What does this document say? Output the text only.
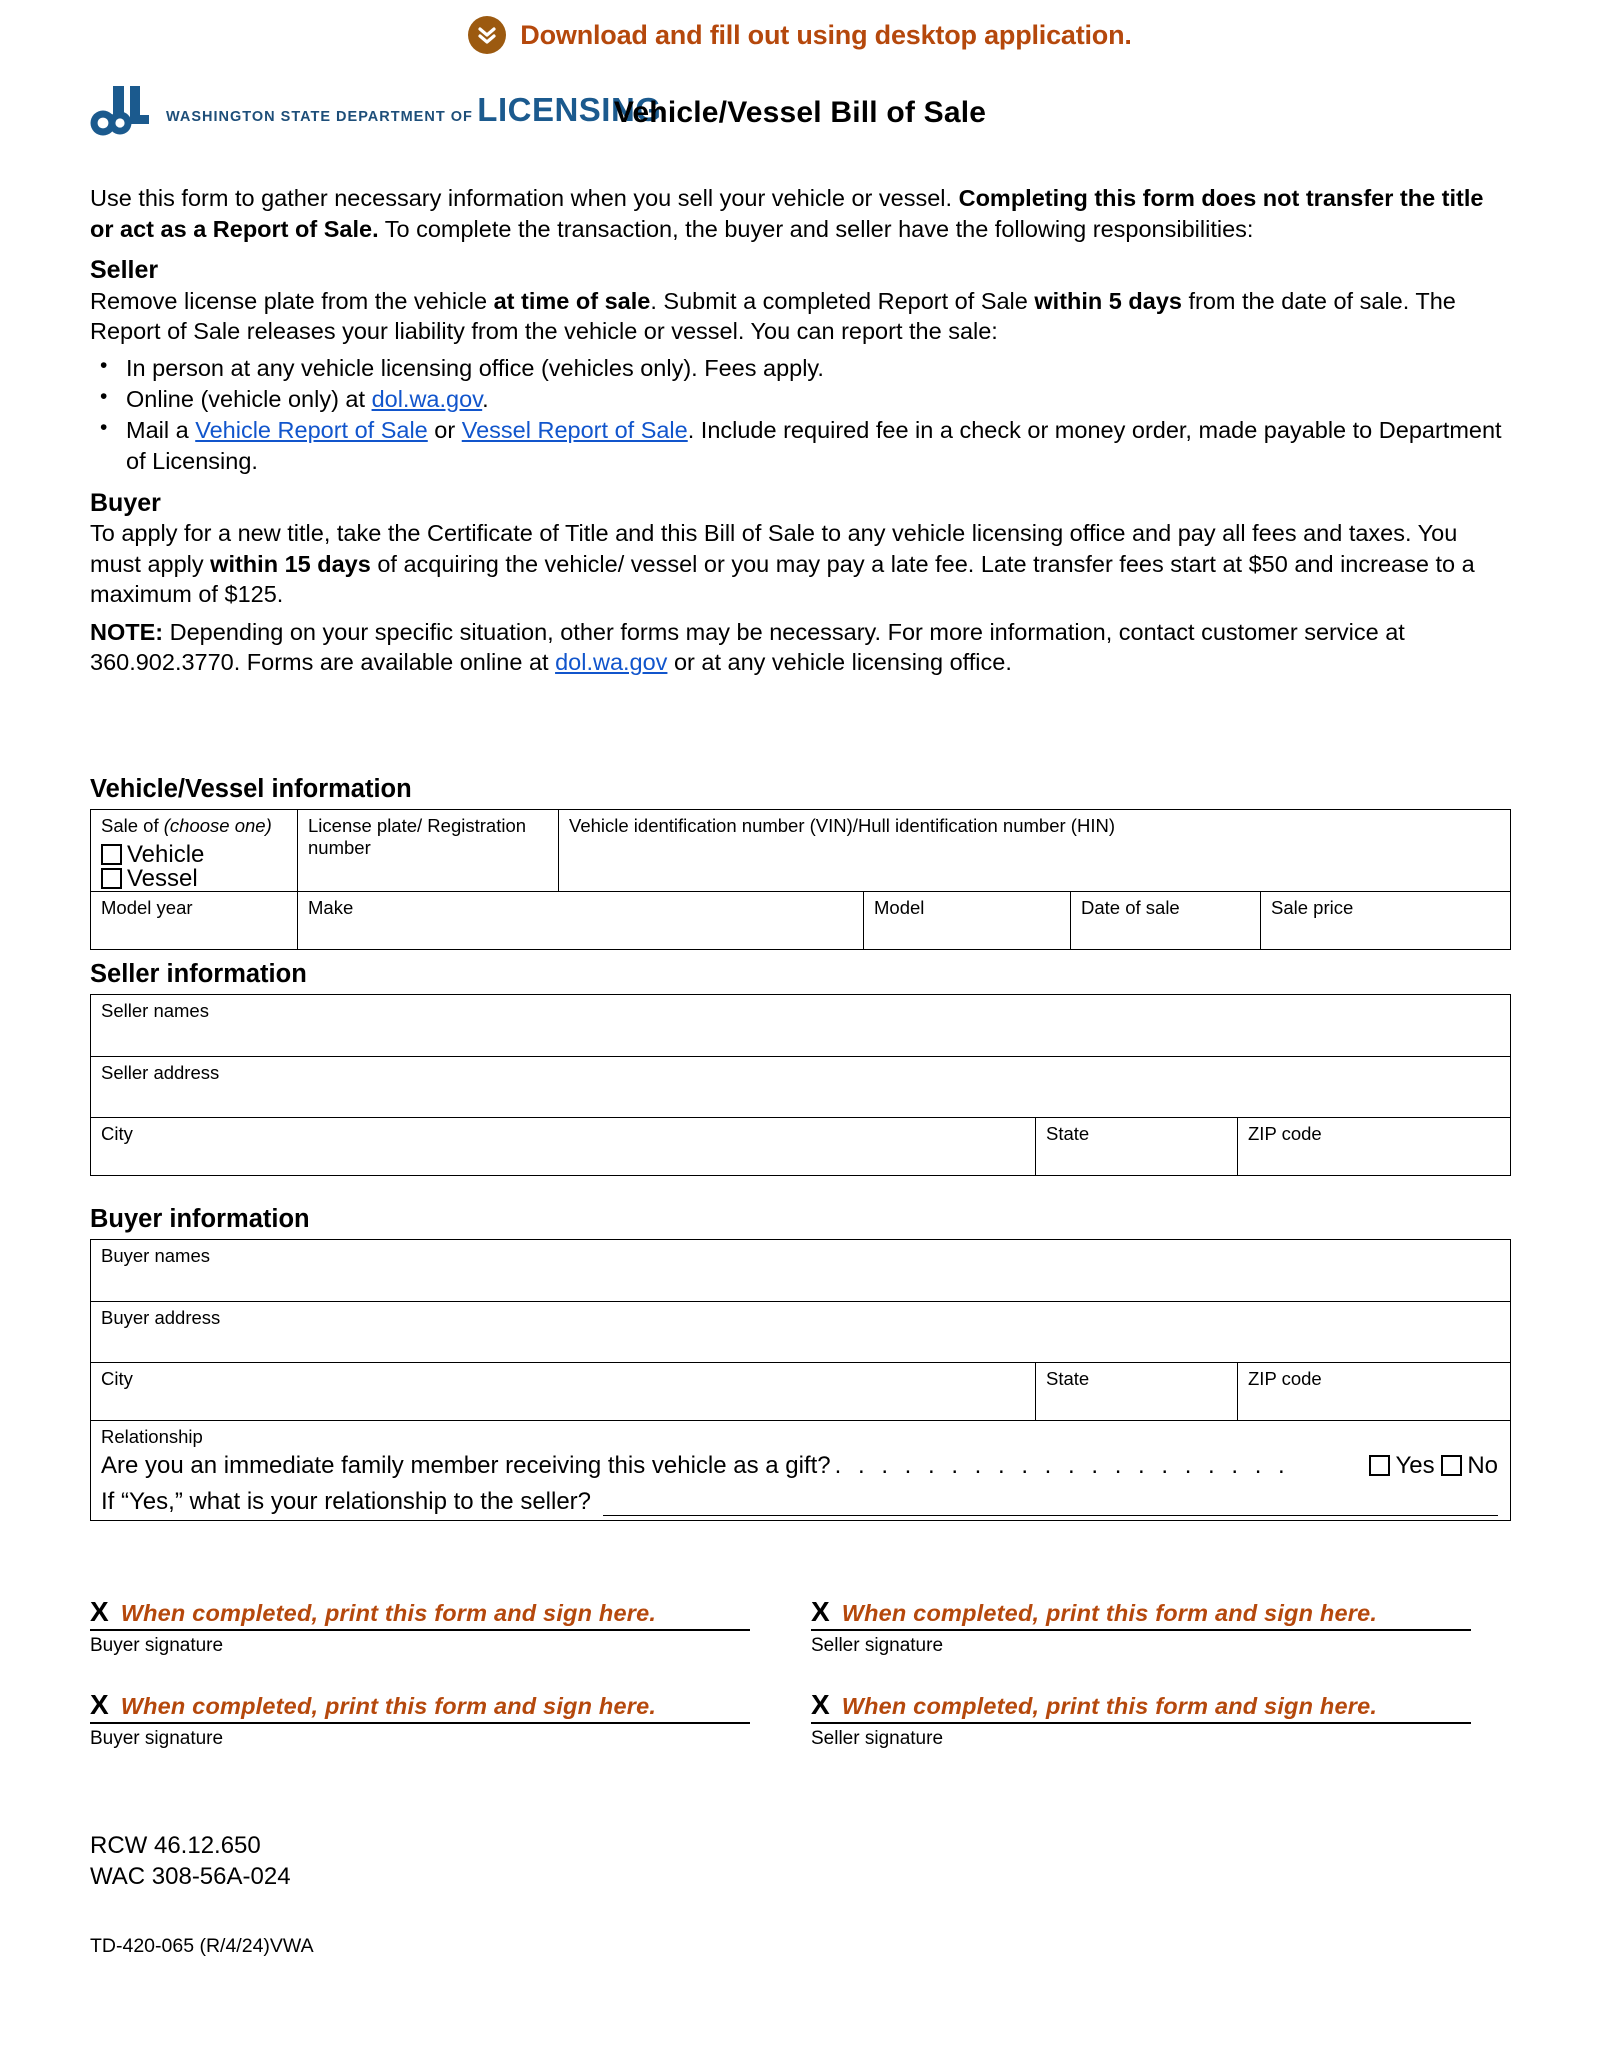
Download and fill out using desktop application.
WASHINGTON STATE DEPARTMENT OF LICENSING
Vehicle/Vessel Bill of Sale

Use this form to gather necessary information when you sell your vehicle or vessel. Completing this form does not transfer the title or act as a Report of Sale. To complete the transaction, the buyer and seller have the following responsibilities:

Seller

Remove license plate from the vehicle at time of sale. Submit a completed Report of Sale within 5 days from the date of sale. The Report of Sale releases your liability from the vehicle or vessel. You can report the sale:

• In person at any vehicle licensing office (vehicles only). Fees apply.
• Online (vehicle only) at dol.wa.gov.
• Mail a Vehicle Report of Sale or Vessel Report of Sale. Include required fee in a check or money order, made payable to Department of Licensing.
Buyer

To apply for a new title, take the Certificate of Title and this Bill of Sale to any vehicle licensing office and pay all fees and taxes. You must apply within 15 days of acquiring the vehicle/ vessel or you may pay a late fee. Late transfer fees start at $50 and increase to a maximum of $125.

NOTE: Depending on your specific situation, other forms may be necessary. For more information, contact customer service at 360.902.3770. Forms are available online at dol.wa.gov or at any vehicle licensing office.

Vehicle/Vessel information
Sale of (choose one)
Vehicle Vessel	License plate/ Registration number	Vehicle identification number (VIN)/Hull identification number (HIN)			

Model year	Make		Model	Date of sale	Sale price
Seller information
Seller names

Seller address

City	State	ZIP code
Buyer information
Buyer names

Buyer address

City	State	ZIP code

Relationship
Are you an immediate family member receiving this vehicle as a gift? . . . . . . . . . . . . . . . . . . . .	Yes No
If “Yes,” what is your relationship to the seller?
X When completed, print this form and sign here.
Buyer signature
X When completed, print this form and sign here.
Buyer signature
X When completed, print this form and sign here.
Seller signature
X When completed, print this form and sign here.
Seller signature
RCW 46.12.650
WAC 308-56A-024
TD-420-065 (R/4/24)VWA
